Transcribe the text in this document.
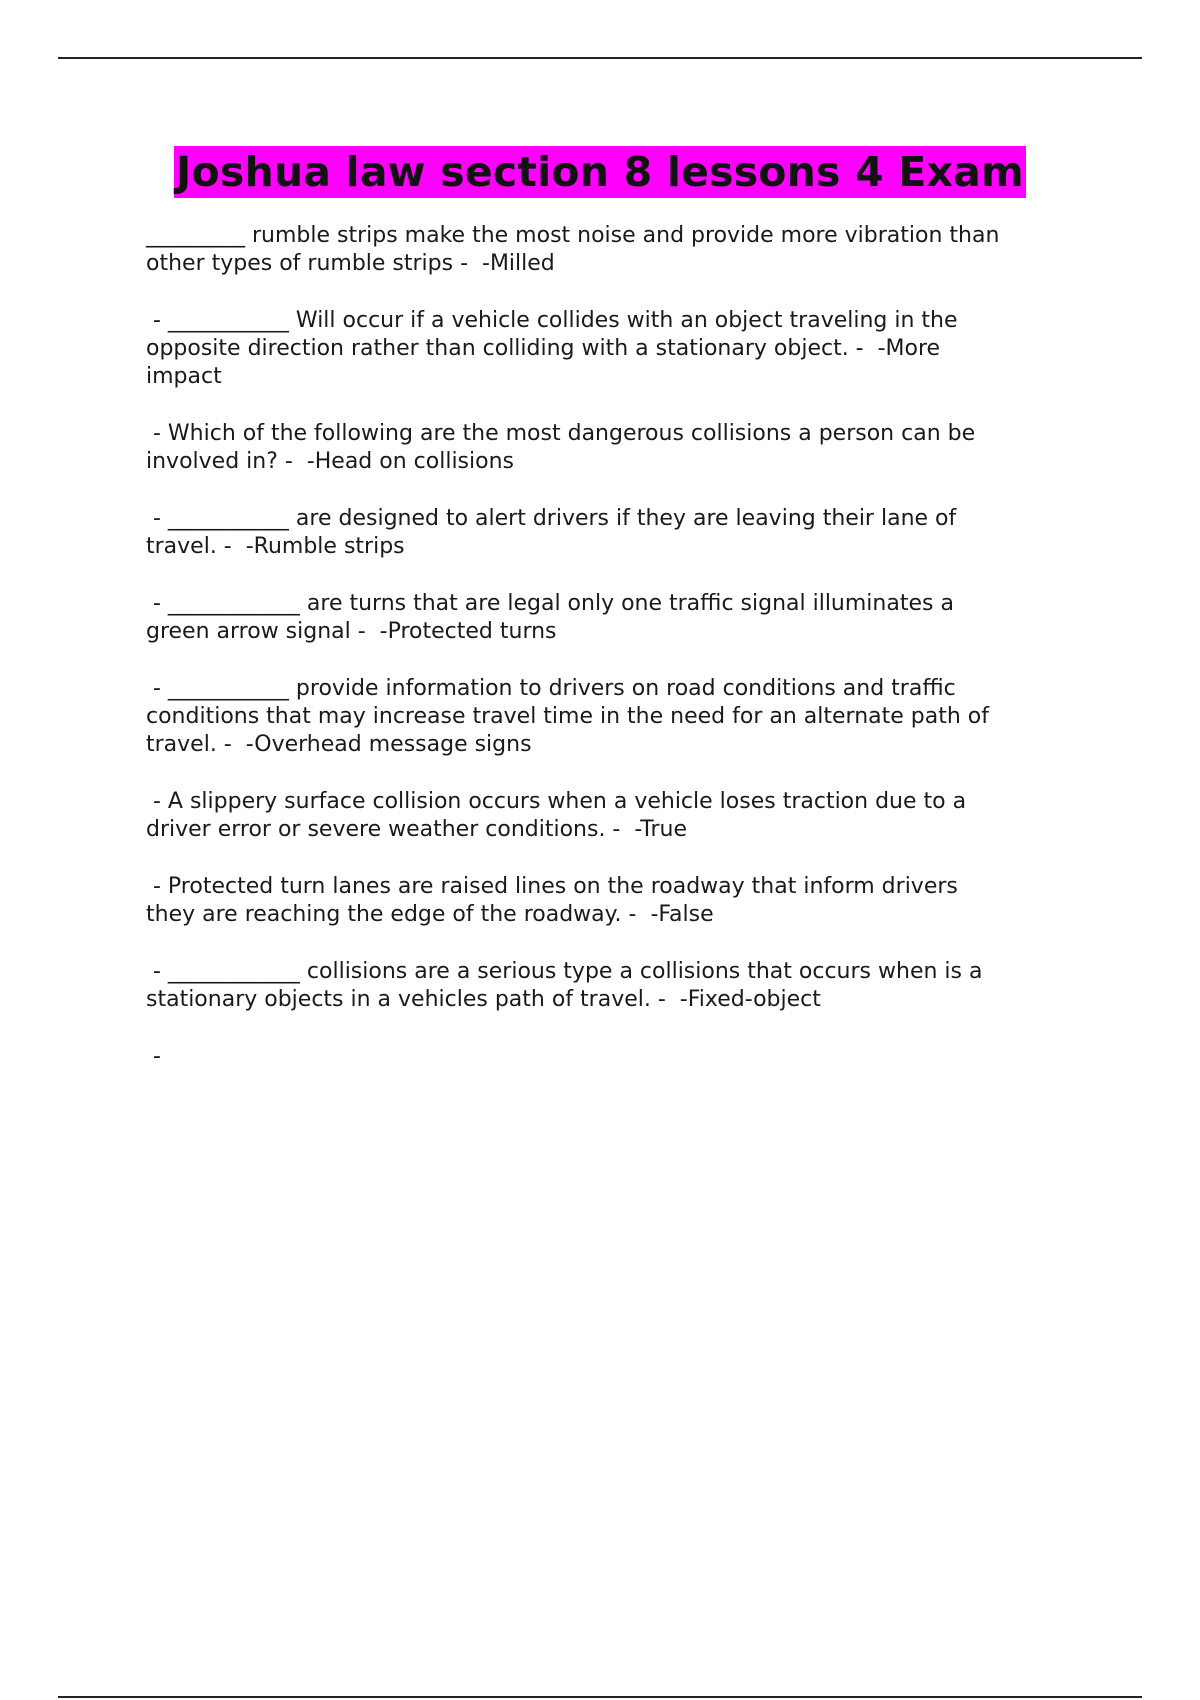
Joshua law section 8 lessons 4 Exam
_________ rumble strips make the most noise and provide more vibration than
other types of rumble strips -  -Milled
- ___________ Will occur if a vehicle collides with an object traveling in the
opposite direction rather than colliding with a stationary object. -  -More
impact
- Which of the following are the most dangerous collisions a person can be
involved in? -  -Head on collisions
- ___________ are designed to alert drivers if they are leaving their lane of
travel. -  -Rumble strips
- ____________ are turns that are legal only one traffic signal illuminates a
green arrow signal -  -Protected turns
- ___________ provide information to drivers on road conditions and traffic
conditions that may increase travel time in the need for an alternate path of
travel. -  -Overhead message signs
- A slippery surface collision occurs when a vehicle loses traction due to a
driver error or severe weather conditions. -  -True
- Protected turn lanes are raised lines on the roadway that inform drivers
they are reaching the edge of the roadway. -  -False
- ____________ collisions are a serious type a collisions that occurs when is a
stationary objects in a vehicles path of travel. -  -Fixed-object
-
